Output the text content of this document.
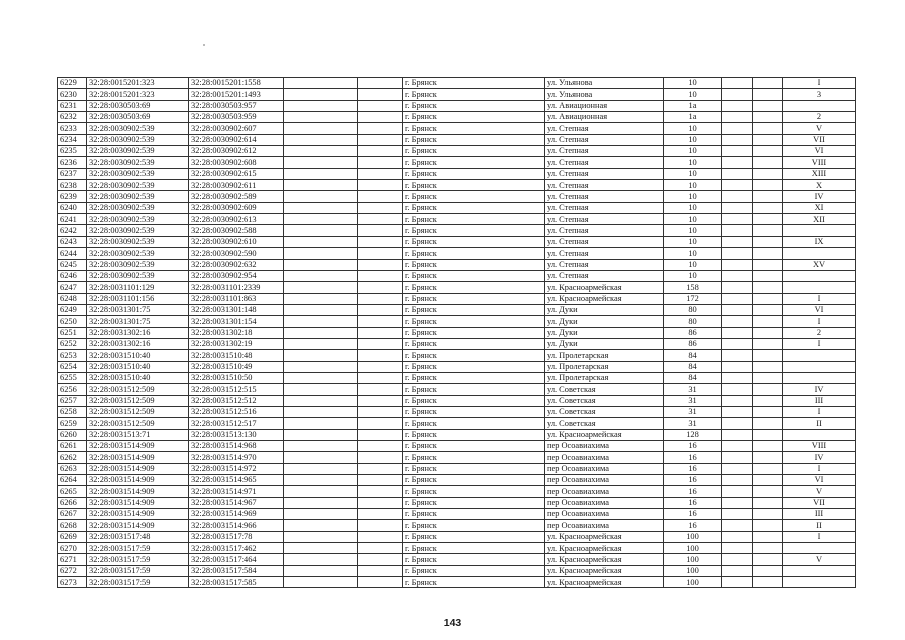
6229	32:28:0015201:323	32:28:0015201:1558			г. Брянск	ул. Ульянова	10			I
6230	32:28:0015201:323	32:28:0015201:1493			г. Брянск	ул. Ульянова	10			3
6231	32:28:0030503:69	32:28:0030503:957			г. Брянск	ул. Авиационная	1а			
6232	32:28:0030503:69	32:28:0030503:959			г. Брянск	ул. Авиационная	1а			2
6233	32:28:0030902:539	32:28:0030902:607			г. Брянск	ул. Степная	10			V
6234	32:28:0030902:539	32:28:0030902:614			г. Брянск	ул. Степная	10			VII
6235	32:28:0030902:539	32:28:0030902:612			г. Брянск	ул. Степная	10			VI
6236	32:28:0030902:539	32:28:0030902:608			г. Брянск	ул. Степная	10			VIII
6237	32:28:0030902:539	32:28:0030902:615			г. Брянск	ул. Степная	10			XIII
6238	32:28:0030902:539	32:28:0030902:611			г. Брянск	ул. Степная	10			X
6239	32:28:0030902:539	32:28:0030902:589			г. Брянск	ул. Степная	10			IV
6240	32:28:0030902:539	32:28:0030902:609			г. Брянск	ул. Степная	10			XI
6241	32:28:0030902:539	32:28:0030902:613			г. Брянск	ул. Степная	10			XII
6242	32:28:0030902:539	32:28:0030902:588			г. Брянск	ул. Степная	10			
6243	32:28:0030902:539	32:28:0030902:610			г. Брянск	ул. Степная	10			IX
6244	32:28:0030902:539	32:28:0030902:590			г. Брянск	ул. Степная	10			
6245	32:28:0030902:539	32:28:0030902:632			г. Брянск	ул. Степная	10			XV
6246	32:28:0030902:539	32:28:0030902:954			г. Брянск	ул. Степная	10			
6247	32:28:0031101:129	32:28:0031101:2339			г. Брянск	ул. Красноармейская	158			
6248	32:28:0031101:156	32:28:0031101:863			г. Брянск	ул. Красноармейская	172			I
6249	32:28:0031301:75	32:28:0031301:148			г. Брянск	ул. Дуки	80			VI
6250	32:28:0031301:75	32:28:0031301:154			г. Брянск	ул. Дуки	80			I
6251	32:28:0031302:16	32:28:0031302:18			г. Брянск	ул. Дуки	86			2
6252	32:28:0031302:16	32:28:0031302:19			г. Брянск	ул. Дуки	86			I
6253	32:28:0031510:40	32:28:0031510:48			г. Брянск	ул. Пролетарская	84			
6254	32:28:0031510:40	32:28:0031510:49			г. Брянск	ул. Пролетарская	84			
6255	32:28:0031510:40	32:28:0031510:50			г. Брянск	ул. Пролетарская	84			
6256	32:28:0031512:509	32:28:0031512:515			г. Брянск	ул. Советская	31			IV
6257	32:28:0031512:509	32:28:0031512:512			г. Брянск	ул. Советская	31			III
6258	32:28:0031512:509	32:28:0031512:516			г. Брянск	ул. Советская	31			I
6259	32:28:0031512:509	32:28:0031512:517			г. Брянск	ул. Советская	31			II
6260	32:28:0031513:71	32:28:0031513:130			г. Брянск	ул. Красноармейская	128			
6261	32:28:0031514:909	32:28:0031514:968			г. Брянск	пер Осоавиахима	16			VIII
6262	32:28:0031514:909	32:28:0031514:970			г. Брянск	пер Осоавиахима	16			IV
6263	32:28:0031514:909	32:28:0031514:972			г. Брянск	пер Осоавиахима	16			I
6264	32:28:0031514:909	32:28:0031514:965			г. Брянск	пер Осоавиахима	16			VI
6265	32:28:0031514:909	32:28:0031514:971			г. Брянск	пер Осоавиахима	16			V
6266	32:28:0031514:909	32:28:0031514:967			г. Брянск	пер Осоавиахима	16			VII
6267	32:28:0031514:909	32:28:0031514:969			г. Брянск	пер Осоавиахима	16			III
6268	32:28:0031514:909	32:28:0031514:966			г. Брянск	пер Осоавиахима	16			II
6269	32:28:0031517:48	32:28:0031517:78			г. Брянск	ул. Красноармейская	100			I
6270	32:28:0031517:59	32:28:0031517:462			г. Брянск	ул. Красноармейская	100			
6271	32:28:0031517:59	32:28:0031517:464			г. Брянск	ул. Красноармейская	100			V
6272	32:28:0031517:59	32:28:0031517:584			г. Брянск	ул. Красноармейская	100			
6273	32:28:0031517:59	32:28:0031517:585			г. Брянск	ул. Красноармейская	100			
143
